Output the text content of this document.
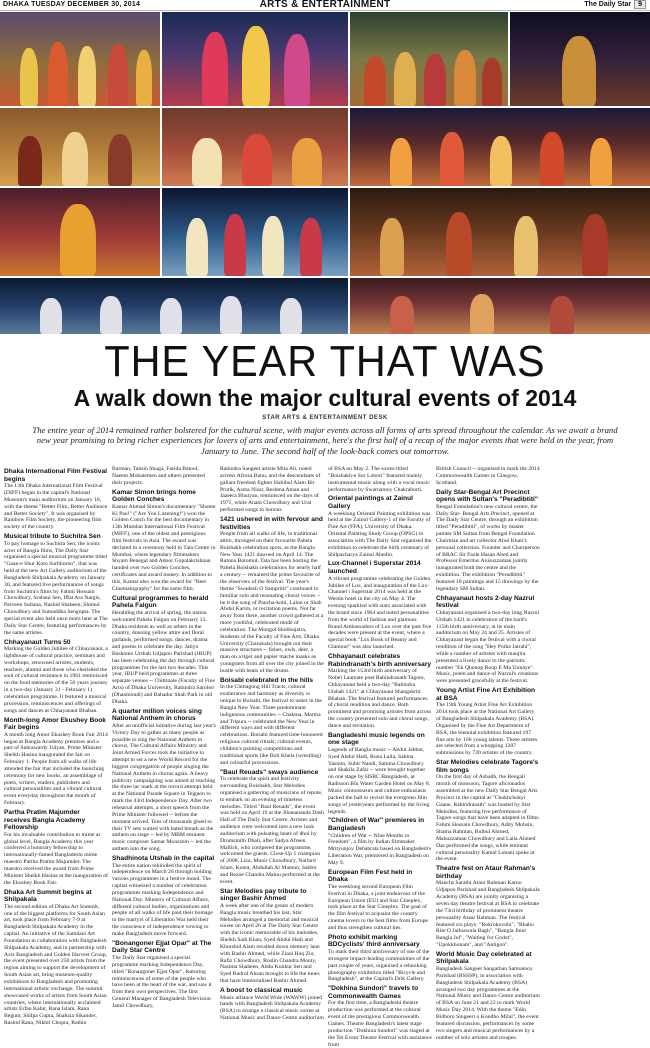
DHAKA TUESDAY DECEMBER 30, 2014	ARTS & ENTERTAINMENT	The Daily Star 9
THE YEAR THAT WAS
A walk down the major cultural events of 2014
STAR ARTS & ENTERTAINMENT DESK
The entire year of 2014 remained rather bolstered for the cultural scene, with major events across all forms of arts spread throughout the calendar. As we await a brand new year promising to bring richer experiences for lovers of arts and entertainment, here's the first half of a recap of the major events that were held in the year, from January to June. The second half of the look-back comes out tomorrow.
Dhaka International Film Festival begins

The 13th Dhaka International Film Festival (DIFF) began in the capital's National Museum's main auditorium on January 10, with the theme "Better Film, Better Audience and Better Society". It was organised by Rainbow Film Society, the pioneering film society of the country.

Musical tribute to Suchitra Sen

To pay homage to Suchitra Sen, the iconic actor of Bangla films, The Daily Star organised a special musical programme titled "Gaan-e Shur Koto Surbhorno", that was held at the new Art Gallery auditorium of the Bangladesh Shilpakala Academy on January 30, and featured live performances of songs from Suchitra's films by Fahmi Hossain Chowdhury, Srabani Sen, Iffat Ara Nargis, Parveen Sultana, Nashid Shaheen, Shimul Chowdhury and Sumaddha Sengupta. The special event also held once more later at The Daily Star Centre, featuring performances by the same artistes.

Chhayanaut Turns 50

Marking the Golden Jubilee of Chhayanaut, a lighthouse of cultural practice, seminars and workshops, renowned artistes, students, teachers, alumni and those who cherished the soul of cultural resistance in 1961 reminisced on the fond memories of the 50 years journey in a two-day (January 31 - February 1) celebration programme. It featured a musical procession, reminiscences and offerings of songs and dances at Chhayanaut Bhaban.

Month-long Amor Ekushey Book Fair begins

A month long Amor Ekushey Book Fair 2014 began at Bangla Academy premises and a part of Suhrawardy Udyan. Prime Minister Sheikh Hasina inaugurated the fair on February 1. People from all walks of life attended the fair that included the launching ceremony for new books, an assemblage of poets, writers, readers, publishers and cultural personalities and a vibrant cultural event everyday throughout the month of February.

Partha Pratim Majumder receives Bangla Academy Fellowship

For his invaluable contribution to mime at global level, Bangla Academy this year conferred a honorary fellowship to internationally-famed Bangladeshi mime maestro Partha Pratim Majumder. The maestro received the award from Prime Minister Sheikh Hasina at the inauguration of the Ekushey Book Fair.

Dhaka Art Summit begins at Shilpakala

The second edition of Dhaka Art Summit, one of the biggest platforms for South Asian art, took place from February 7-9 at Bangladesh Shilpakala Academy in the capital. An initiative of the Samdani Art Foundation in collaboration with Bangladesh Shilpakala Academy, and in partnership with Aziz Bangladesh and Golden Harvest Group, the event presented over 250 artists from the region aiming to support the development of South Asian art, bring museum-quality exhibitions to Bangladesh and promoting international artistic exchange. The summit showcased works of artists from South Asian countries, where internationally acclaimed artists Erfan Kabir, Rana Islam, Rana Begum, Shilpa Gupta, Shahzia Sikander, Rashid Rana, Nikhil Chopra, Rathin

Barman, Tahsin Shuga, Farida Batool, Naeem Mohaiemen and others presented their projects.

Kamar Simon brings home Golden Conches

Kamar Ahmad Simon's documentary "Shunte Ki Pao!" ("Are You Listening!") won the Golden Conch for the best documentary in 13th Mumbai International Film Festival (MIFF), one of the oldest and prestigious film festivals in Asia. The award was declared in a ceremony held in Tata Centre in Mumbai, where legendary filmmakers Shyam Benegal and Adoor Gopalakrishnan handed over two Golden Conches, certificates and award money. In addition to this, Kamar also won the award for "Best Cinematography" for the same film.

Cultural programmes to herald Pahela Falgun

Heralding the arrival of spring, the nation welcomed Pahela Falgun on February 13. Dhaka residents as well as others in the country, donning yellow attire and floral garlands, performed songs, dances, drama and poems to celebrate the day. Jatiyo Bashonto Utshab Udjapon Parishad (JBUP) has been celebrating the day through cultural programmes for the last two decades. This year, JBUP held programmes at three separate venues -- Chittinale (Faculty of Fine Arts) of Dhaka University, Rabindra Sarobor (Dhanmondi) and Bahadur Shah Park in old Dhaka.

A quarter million voices sing National Anthem in chorus

After an unofficial initiative during last year's Victory Day to gather as many people as possible to sing the National Anthem in chorus, The Cultural Affairs Ministry and Joint Armed Forces took the initiative to attempt to set a new World Record for the biggest congregation of people singing the National Anthem in chorus again. A heavy publicity campaigning was aimed at reaching the three lac mark at the record attempt held at the National Parade Square in Tejgaon to mark the 43rd Independence Day. After two rehearsal attempts, a short speech from the Prime Minister followed -- before the moment arrived. Tens of thousands glued to their TV sets waited with bated breath as the anthem on stage -- led by MBM eminent music composer Samar Moazzem -- led the anthem into the song.

Shadhinota Utshab in the capital

The entire nation rekindled the spirit of independence on March 26 through holding various programmes in a festive mood. The capital witnessed a number of celebration programmes marking Independence and National Day. Ministry of Cultural Affairs, different cultural bodies, organisations and people of all walks of life paid their homage to the martyrs of Liberation War held their the conscience of independence vowing to make Bangladesh move forward.

"Bonangoner Ejjat Opar" at The Daily Star Centre

The Daily Star organised a special programme marking Independence Day, titled "Bonangoner Ejjat Opar", featuring reminiscences of some of the people who have been at the heart of the war, and saw it from their own perspectives. The first General Manager of Bangladesh Television Jamil Chowdhury,

Rabindra Sangeet artiste Mita Ali, noted actress Afroza Banu, and the descendants of gallant freedom fighter Habibul Alam Bir Protik, Asma Nisar, Reshma Aman and Jazeera Bhuiyan, reminisced on the days of 1971, while Anam Chowdhury and Urai performed songs to honour.

1421 ushered in with fervour and festivities

People from all walks of life, in traditional attire, thronged on their favourite Pahela Boishakh celebration spots, as the Bangla New Year 1421 dawned on April 14. The Ramna Botomul, Tata has been hosting the Pahela Boishakh celebrations for nearly half a century -- remained the prime favourite of the observers of the festival. The year's theme "Swadesh O Sampritir" continued to familiar solo and resonating choral voices -- be it the song of Pancha-kobi, Lalon or Shah Abdul Karim, or recitation poems. Not far away from there, another crowd gathered at a more youthful, celebrated mode of celebration. The Mongol Shobhajatra, Students of the Faculty of Fine Arts, Dhaka University (Charukala) brought out their massive structures -- fishes, owls, deer, a man on a tiger and papier mache masks as youngsters from all over the city joined in the bustle with beats of the drums.

Boisabi celebrated in the hills

In the Chittagong Hill Tracts, cultural exuberance and harmony as diversity is unique to Boisabi, the festival to usher in the Bangla New Year. Three predominant indigenous communities -- Chakma, Marma and Tripura -- celebrated the New Year in different ways and with different celebrations. Boisabi featured time-honoured religious cultural rituals; cultural events, children's painting competitions and traditional sports like Boli Khela (wrestling) and colourful processions.

"Baul Reuads" sways audience

To celebrate the spirit and festivity surrounding Boishakh, Star Melodies organised a gathering of musicians of repute, to embark on an evening of timeless melodies. Titled "Baul Reuads", the event was held on April 19 at the Jibanananda Dash Hall of The Daily Star Centre. Artistes and audience were welcomed into a new look auditorium with pulsating beats of dhol by Drumsmith Dhali, after Sadya Afreen Mallick, who compered the programme, welcomed the guests. Close-Up 1 champion of 2008, Liza, Munir Chowdhury, Nalfard Islam, Konta, Abdullah Al Mamun, Sabbir and Rezoe Chandra Mainu performed at the event.

Star Melodies pay tribute to singer Bashir Ahmed

A week after one of the greats of modern Bangla music breathed his last, Star Melodies arranged a memorial and musical soiree on April 26 at The Daily Star Centre with the iconic memorable of his melodies. Sheikh Sadi Khan, Syed Abdul Hadi and Khurshid Alam recalled down memory lane with Bashir Ahmed, while Ziaul Haq Ziu, Rafiz Chowdhury, Roslin Chandra Monty, Nasima Shaheen, Abdu Kunkur Sen and Syed Badrul Ahsan brought to life the tunes that have immortalised Bashir Ahmed.

A boost to classical music

Music alliance World Wide (WAWW) joined hands with Bangladesh Shilpakala Academy (BSA) to arrange a classical music soiree at National Music and Dance Centre auditorium

of BSA on May 2. The soiree titled "Boishakh-e Sur Lohori" featured mainly instrumental music along with a vocal music performance by Swarnamoy Chakraborti.

Oriental paintings at Zainul Gallery

A weeklong Oriental Painting exhibition was held at the Zainul Gallery-1 of the Faculty of Fine Art (FFA), University of Dhaka. Oriental Painting Study Group (OPSG) in association with The Daily Star organised the exhibition to celebrate the birth centenary of Shilpacharya Zainul Abedin.

Lux-Channel i Superstar 2014 launched

A vibrant programme celebrating the Golden Jubilee of Lux, and inauguration of the Lux-Channel i Superstar 2014 was held at the Westin hotel in the city on May 4. The evening sparkled with stars associated with the brand since 1964 and noted personalities from the world of fashion and glamour. Brand Ambassadors of Lux over the past five decades were present at the event, where a special book "Lux Book of Beauty and Glamour" was also launched.

Chhayanaut celebrates Rabindranath's birth anniversary

Marking the 153rd birth anniversary of Nobel Laureate poet Rabindranath Tagore, Chhayanaut held a two-day "Rabindra Utshab 1421" at Chhayanaut Shangskriti Bhaban. The festival featured performances of choral rendition and dance. Both prominent and promising artistes from across the country presented solo and choral songs, dance and recitation.

Bangladeshi music legends on one stage

Legends of Bangla music -- Abdul Jabbar, Syed Abdul Hadi, Runa Laila, Sabina Yasmin, Subir Nandi, Samina Chowdhury and Shakila Zafar -- were brought together on one stage by HSBC Bangladesh, at Radisson Blu Water Garden Hotel on May 8. Music connoisseurs and culture enthusiasts packed the hall to revisit the evergreen film songs of yesteryears performed by the living legends.

"Children of War" premieres in Bangladesh

"Children of War -- Nine Months to Freedom", a film by Indian filmmaker Mrityunjoy Debabrata based on Bangladesh's Liberation War, premiered in Bangladesh on May 9.

European Film Fest held in Dhaka

The weeklong second European Film Festival in Dhaka, a joint endeavour of the European Union (EU) and Star Cineplex, took place at the Star Cineplex. The goal of the film festival to acquaint the country cinema lovers to the best films from Europe and thus strengthen cultural ties.

Photo exhibit marking BDCyclists' third anniversary

To mark their third anniversary of one of the strongest impact-leading communities of the past couple of years, organised a rebooking photography exhibition titled "Bicycle and Bangladesh", at the Capital's Drik Gallery.

"Dokhina Sundori" travels to Commonwealth Games

For the first time, a Bangladeshi theatre production was performed at the cultural event of the prestigious Commonwealth Games. Theatre Bangladesh's latest stage production "Dokhina Sundori" was staged at the Tet Event Theatre Festival with assistance from

British Council -- organised to mark the 2014 Commonwealth Games in Glasgow, Scotland.

Daily Star-Bengal Art Precinct opens with Sultan's "Peradibtiti"

Bengal Foundation's new cultural centre, the Daily Star- Bengal Arts Precinct, opened at The Daily Star Centre, through an exhibition titled "Peradibtiti", of works by master painter SM Sultan from Bengal Foundation Chairman and art collector Abul Khair's personal collection. Founder and Chairperson of BRAC Sir Fazle Hasan Abed and Professor Emeritus Anisuzzaman jointly inaugurated both the centre and the exhibition. The exhibition "Peradibtiti" featured 18 paintings and 15 drawings by the legendary SM Sultan.

Chhayanaut hosts 2-day Nazrul festival

Chhayanaut organised a two-day long Nazrul Utshab 1421 in celebration of the bard's 115th birth anniversary, at its main auditorium on May 24 and 25. Artistes of Chhayanaut began the festival with a choral rendition of the song "Hey Potha Jatrahi", while a number of artistes with manjira presented a lively dance to the patriotic number "Ek Qhonop Roop E Ma Tomaye". Music, poem and dance of Nazrul's creations were presented gracefully at the festival.

Young Artist Fine Art Exhibition at BSA

The 19th Young Artist Fine Art Exhibition 2014 took place at the National Art Gallery of Bangladesh Shilpakala Academy (BSA). Organised by the Fine Art Department of BSA, the biennial exhibition featured 197 fine arts by 166 young talents. These artistes are selected from a whopping 1207 submissions by 720 artistes of the country.

Star Melodies celebrate Tagore's film songs

On the first day of Ashadh, the Bengali month of monsoon, Tagore aficionados assembled at the new Daily Star Bengal Arts Precinct in the capital at "Chokhchokyi Gaane, Rabindranath" was hosted by Star Melodies, featuring live performance of Tagore songs that have been adapted in films. Fahmi Hossain Chowdhury, Adity Mohsin, Shama Rahman, Bulbul Ahmed, Mahuzzaman Chowdhury and Laila Ahmed Das performed the songs, while eminent cultural personality Kamal Lohani spoke at the event.

Theatre fest on Ataur Rahman's birthday

Manchs Sarathi Ataur Rahman Karno Udjapon Parishad and Bangladesh Shilpakala Academy (BSA) are jointly organising a seven day theatre festival at BSA to celebrate the 73rd birthday of prominent theatre personality Ataur Rahman. The festival featured six plays: "Rokrokovobi", "Bhabo Rite O Jalloawala Bagh", "Bangla Jinnt Bangla Jol", "Waiting for Godot", "Upokkhonam", and "Antigon".

World Music Day celebrated at Shilpakala

Bangladesh Sangeet Sangathan Samonnoy Parishad (BSSSP), in association with Bangladesh Shilpakala Academy (BSA) arranged two day programmes at the National Music and Dance Centre auditorium of BSA on June 21 and 22 to mark World Music Day 2014. With the theme "Edin Bidhoro Singeeri o Kondho Milai", the event featured discussion, performances by some two singers and musical performances by a number of solo artistes and troupes.
